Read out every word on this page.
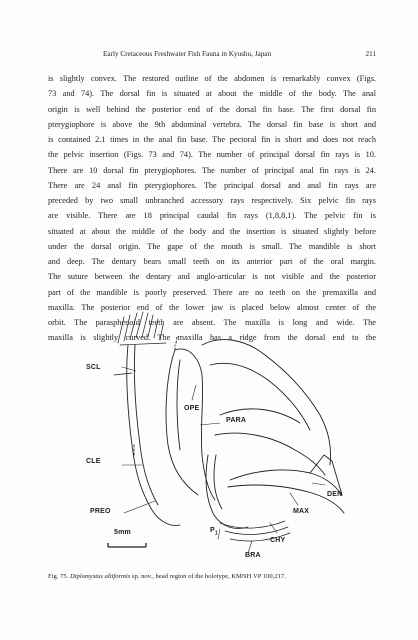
Early Cretaceous Freshwater Fish Fauna in Kyushu, Japan	211
is slightly convex. The restored outline of the abdomen is remarkably convex (Figs.
73 and 74). The dorsal fin is situated at about the middle of the body. The anal
origin is well behind the posterior end of the dorsal fin base. The first dorsal fin
pterygiophore is above the 9th abdominal vertebra. The dorsal fin base is short and
is contained 2.1 times in the anal fin base. The pectoral fin is short and does not reach
the pelvic insertion (Figs. 73 and 74). The number of principal dorsal fin rays is 10.
There are 10 dorsal fin pterygiophores. The number of principal anal fin rays is 24.
There are 24 anal fin pterygiophores. The principal dorsal and anal fin rays are
preceded by two small unbranched accessory rays respectively. Six pelvic fin rays
are visible. There are 18 principal caudal fin rays (1,8,8,1). The pelvic fin is
situated at about the middle of the body and the insertion is situated slightly before
under the dorsal origin. The gape of the mouth is small. The mandible is short
and deep. The dentary bears small teeth on its anterior part of the oral margin.
The suture between the dentary and anglo-articular is not visible and the posterior
part of the mandible is poorly preserved. There are no teeth on the premaxilla and
maxilla. The posterior end of the lower jaw is placed below almost center of the
orbit. The parasphenoid teeth are absent. The maxilla is long and wide. The
maxilla is slightly curved. The maxilla has a ridge from the dorsal end to the
SCL
OPE
PARA
CLE
PREO
DEN
MAX
$P_1$
CHY
BRA
5mm
Fig. 75. Diplomystus altiformis sp. nov., head region of the holotype, KMNH VP 100,217.
